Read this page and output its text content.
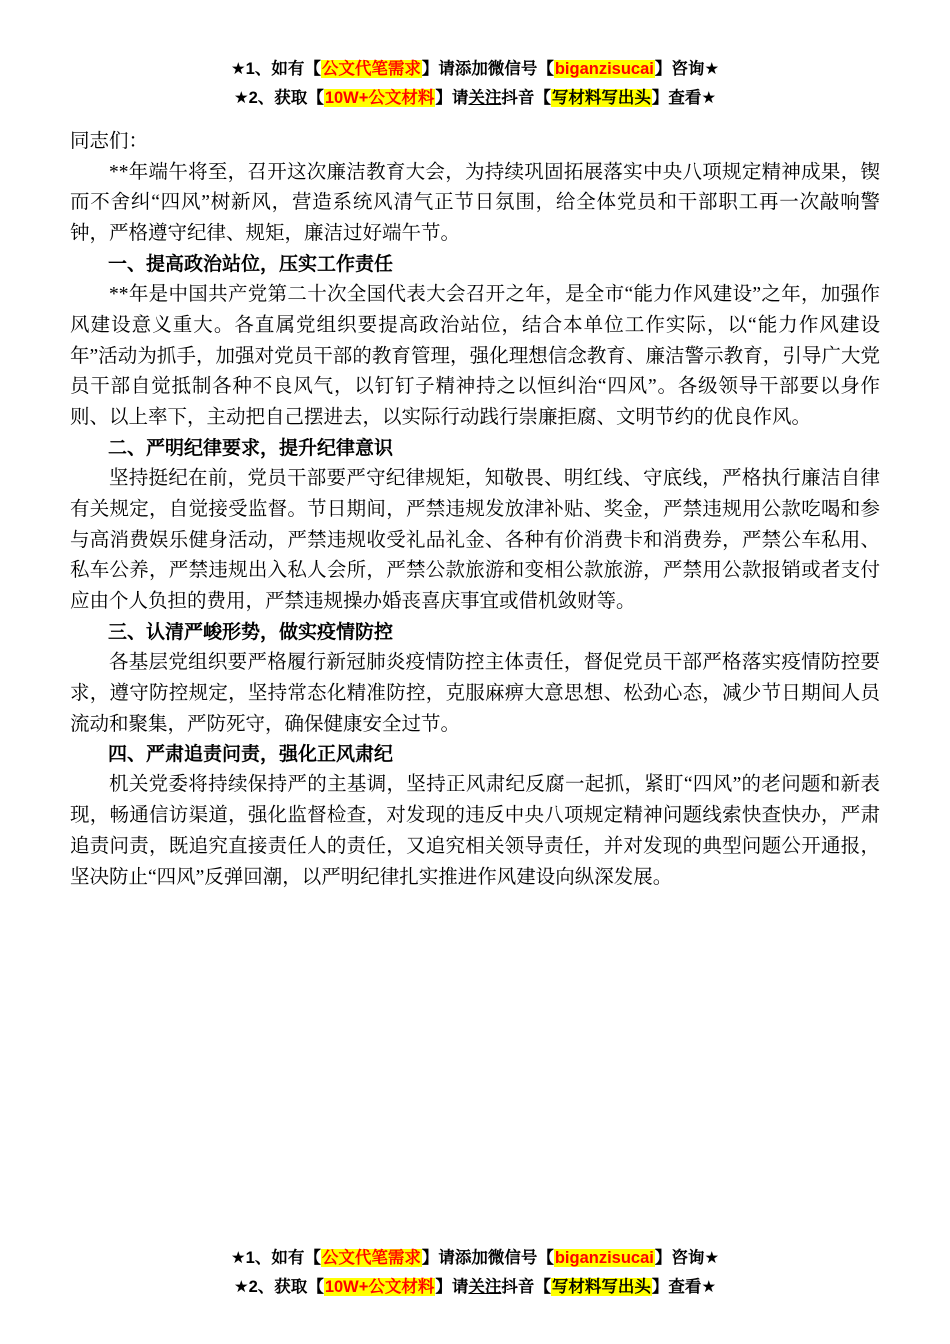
★1、如有【公文代笔需求】请添加微信号【biganzisucai】咨询★
★2、获取【10W+公文材料】请关注抖音【写材料写出头】查看★

同志们：

**年端午将至，召开这次廉洁教育大会，为持续巩固拓展落实中央八项规定精神成果，锲而不舍纠“四风”树新风，营造系统风清气正节日氛围，给全体党员和干部职工再一次敲响警钟，严格遵守纪律、规矩，廉洁过好端午节。

一、提高政治站位，压实工作责任

**年是中国共产党第二十次全国代表大会召开之年，是全市“能力作风建设”之年，加强作风建设意义重大。各直属党组织要提高政治站位，结合本单位工作实际，以“能力作风建设年”活动为抓手，加强对党员干部的教育管理，强化理想信念教育、廉洁警示教育，引导广大党员干部自觉抵制各种不良风气，以钉钉子精神持之以恒纠治“四风”。各级领导干部要以身作则、以上率下，主动把自己摆进去，以实际行动践行崇廉拒腐、文明节约的优良作风。

二、严明纪律要求，提升纪律意识

坚持挺纪在前，党员干部要严守纪律规矩，知敬畏、明红线、守底线，严格执行廉洁自律有关规定，自觉接受监督。节日期间，严禁违规发放津补贴、奖金，严禁违规用公款吃喝和参与高消费娱乐健身活动，严禁违规收受礼品礼金、各种有价消费卡和消费券，严禁公车私用、私车公养，严禁违规出入私人会所，严禁公款旅游和变相公款旅游，严禁用公款报销或者支付应由个人负担的费用，严禁违规操办婚丧喜庆事宜或借机敛财等。

三、认清严峻形势，做实疫情防控

各基层党组织要严格履行新冠肺炎疫情防控主体责任，督促党员干部严格落实疫情防控要求，遵守防控规定，坚持常态化精准防控，克服麻痹大意思想、松劲心态，减少节日期间人员流动和聚集，严防死守，确保健康安全过节。

四、严肃追责问责，强化正风肃纪

机关党委将持续保持严的主基调，坚持正风肃纪反腐一起抓，紧盯“四风”的老问题和新表现，畅通信访渠道，强化监督检查，对发现的违反中央八项规定精神问题线索快查快办，严肃追责问责，既追究直接责任人的责任，又追究相关领导责任，并对发现的典型问题公开通报，坚决防止“四风”反弹回潮，以严明纪律扎实推进作风建设向纵深发展。

★1、如有【公文代笔需求】请添加微信号【biganzisucai】咨询★
★2、获取【10W+公文材料】请关注抖音【写材料写出头】查看★
